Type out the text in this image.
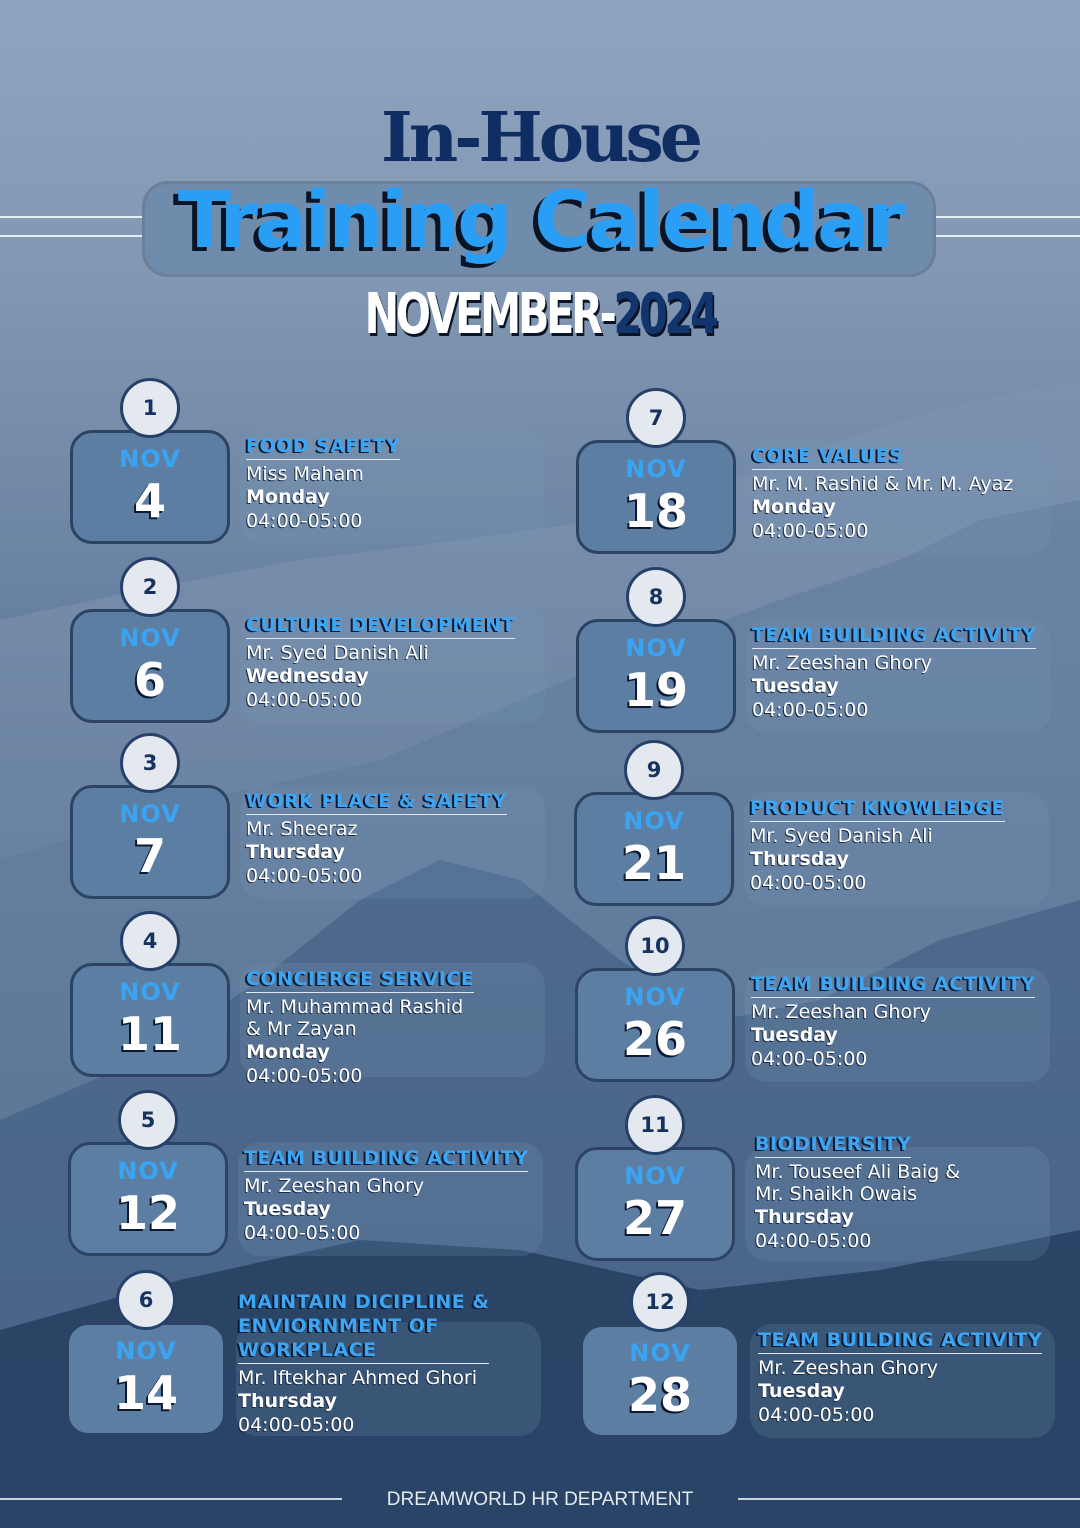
In-House
Training Calendar
NOVEMBER-2024
NOV
4
1
FOOD SAFETY
Miss Maham
Monday
04:00-05:00
NOV
6
2
CULTURE DEVELOPMENT
Mr. Syed Danish Ali
Wednesday
04:00-05:00
NOV
7
3
WORK PLACE & SAFETY
Mr. Sheeraz
Thursday
04:00-05:00
NOV
11
4
CONCIERGE SERVICE
Mr. Muhammad Rashid
& Mr Zayan
Monday
04:00-05:00
NOV
12
5
TEAM BUILDING ACTIVITY
Mr. Zeeshan Ghory
Tuesday
04:00-05:00
NOV
14
6	MAINTAIN DICIPLINE &
ENVIORNMENT OF
WORKPLACE
Mr. Iftekhar Ahmed Ghori
Thursday
04:00-05:00
NOV
18
7
CORE VALUES
Mr. M. Rashid & Mr. M. Ayaz
Monday
04:00-05:00
NOV
19
8
TEAM BUILDING ACTIVITY
Mr. Zeeshan Ghory
Tuesday
04:00-05:00
NOV
21
9
PRODUCT KNOWLEDGE
Mr. Syed Danish Ali
Thursday
04:00-05:00
NOV
26
10
TEAM BUILDING ACTIVITY
Mr. Zeeshan Ghory
Tuesday
04:00-05:00
NOV
27
11
BIODIVERSITY
Mr. Touseef Ali Baig &
Mr. Shaikh Owais
Thursday
04:00-05:00
NOV
28
12
TEAM BUILDING ACTIVITY
Mr. Zeeshan Ghory
Tuesday
04:00-05:00
DREAMWORLD HR DEPARTMENT
